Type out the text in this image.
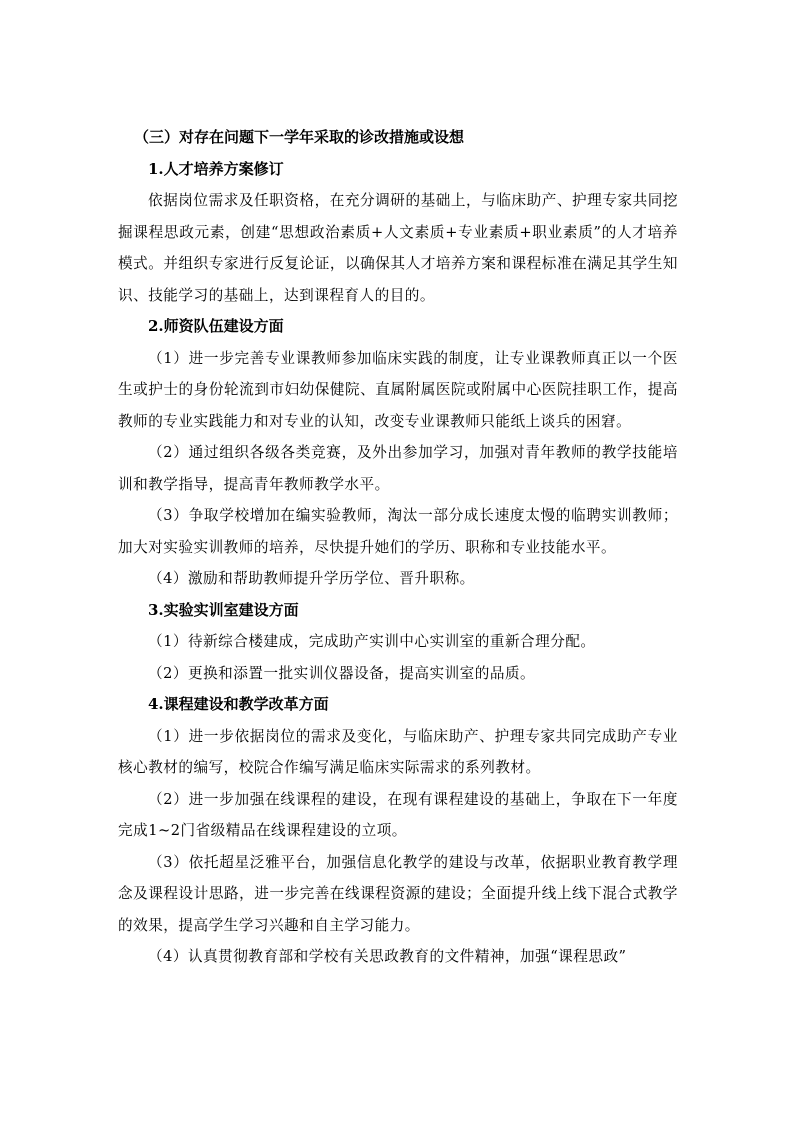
（三）对存在问题下一学年采取的诊改措施或设想

1.人才培养方案修订

依据岗位需求及任职资格，在充分调研的基础上，与临床助产、护理专家共同挖掘课程思政元素，创建“思想政治素质+人文素质+专业素质+职业素质”的人才培养模式。并组织专家进行反复论证，以确保其人才培养方案和课程标准在满足其学生知识、技能学习的基础上，达到课程育人的目的。

2.师资队伍建设方面

（1）进一步完善专业课教师参加临床实践的制度，让专业课教师真正以一个医生或护士的身份轮流到市妇幼保健院、直属附属医院或附属中心医院挂职工作，提高教师的专业实践能力和对专业的认知，改变专业课教师只能纸上谈兵的困窘。

（2）通过组织各级各类竞赛，及外出参加学习，加强对青年教师的教学技能培训和教学指导，提高青年教师教学水平。

（3）争取学校增加在编实验教师，淘汰一部分成长速度太慢的临聘实训教师；加大对实验实训教师的培养，尽快提升她们的学历、职称和专业技能水平。

（4）激励和帮助教师提升学历学位、晋升职称。

3.实验实训室建设方面

（1）待新综合楼建成，完成助产实训中心实训室的重新合理分配。

（2）更换和添置一批实训仪器设备，提高实训室的品质。

4.课程建设和教学改革方面

（1）进一步依据岗位的需求及变化，与临床助产、护理专家共同完成助产专业核心教材的编写，校院合作编写满足临床实际需求的系列教材。

（2）进一步加强在线课程的建设，在现有课程建设的基础上，争取在下一年度完成1~2门省级精品在线课程建设的立项。

（3）依托超星泛雅平台，加强信息化教学的建设与改革，依据职业教育教学理念及课程设计思路，进一步完善在线课程资源的建设；全面提升线上线下混合式教学的效果，提高学生学习兴趣和自主学习能力。

（4）认真贯彻教育部和学校有关思政教育的文件精神，加强“课程思政”
